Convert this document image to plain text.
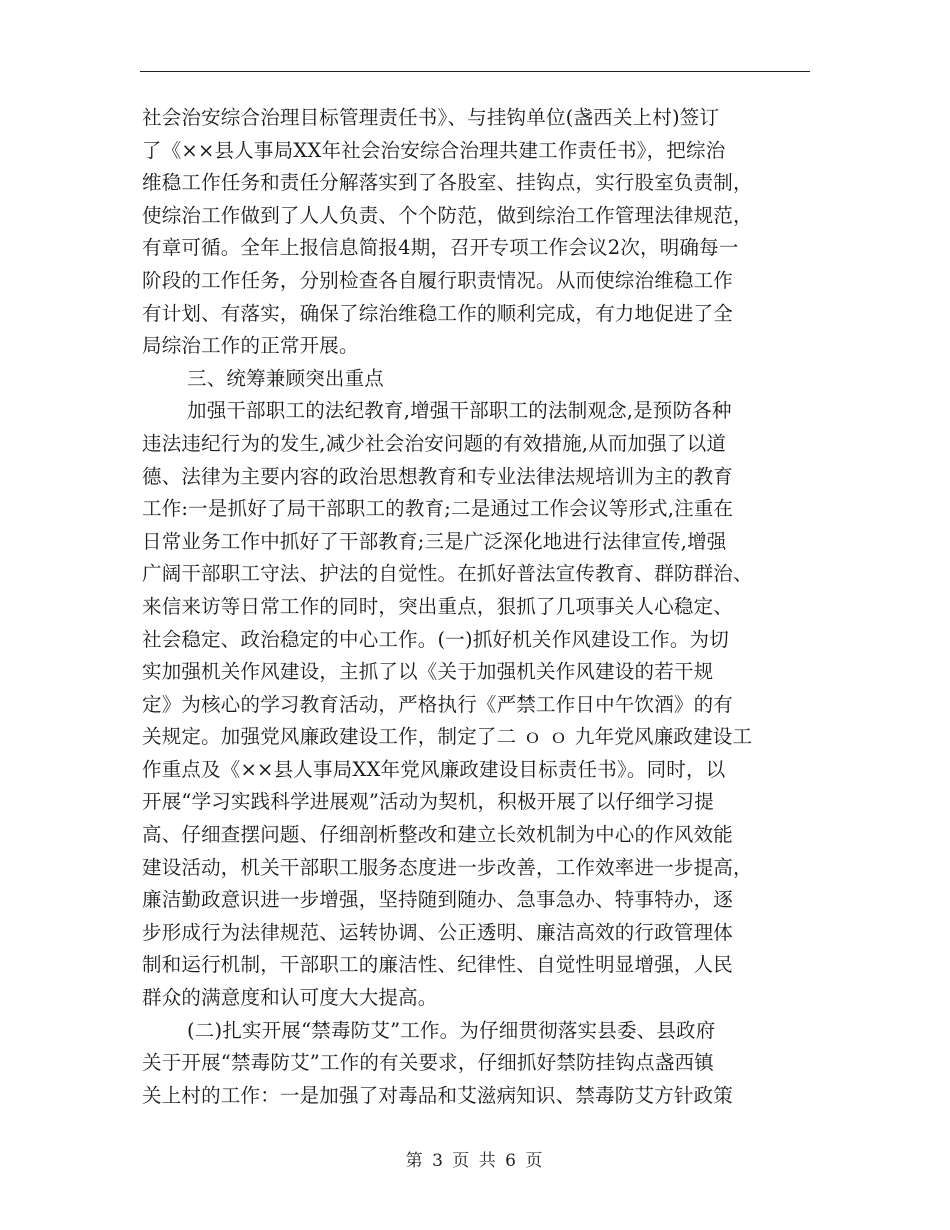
社会治安综合治理目标管理责任书》、与挂钩单位(盏西关上村)签订
了《××县人事局XX年社会治安综合治理共建工作责任书》，把综治
维稳工作任务和责任分解落实到了各股室、挂钩点，实行股室负责制，
使综治工作做到了人人负责、个个防范，做到综治工作管理法律规范，
有章可循。全年上报信息简报4期，召开专项工作会议2次，明确每一
阶段的工作任务，分别检查各自履行职责情况。从而使综治维稳工作
有计划、有落实，确保了综治维稳工作的顺利完成，有力地促进了全
局综治工作的正常开展。
三、统筹兼顾突出重点
加强干部职工的法纪教育,增强干部职工的法制观念,是预防各种
违法违纪行为的发生,减少社会治安问题的有效措施,从而加强了以道
德、法律为主要内容的政治思想教育和专业法律法规培训为主的教育
工作:一是抓好了局干部职工的教育;二是通过工作会议等形式,注重在
日常业务工作中抓好了干部教育;三是广泛深化地进行法律宣传,增强
广阔干部职工守法、护法的自觉性。在抓好普法宣传教育、群防群治、
来信来访等日常工作的同时，突出重点，狠抓了几项事关人心稳定、
社会稳定、政治稳定的中心工作。(一)抓好机关作风建设工作。为切
实加强机关作风建设，主抓了以《关于加强机关作风建设的若干规
定》为核心的学习教育活动，严格执行《严禁工作日中午饮酒》的有
关规定。加强党风廉政建设工作，制定了二 ｏ ｏ 九年党风廉政建设工
作重点及《××县人事局XX年党风廉政建设目标责任书》。同时，以
开展“学习实践科学进展观”活动为契机，积极开展了以仔细学习提
高、仔细查摆问题、仔细剖析整改和建立长效机制为中心的作风效能
建设活动，机关干部职工服务态度进一步改善，工作效率进一步提高，
廉洁勤政意识进一步增强，坚持随到随办、急事急办、特事特办，逐
步形成行为法律规范、运转协调、公正透明、廉洁高效的行政管理体
制和运行机制，干部职工的廉洁性、纪律性、自觉性明显增强，人民
群众的满意度和认可度大大提高。
(二)扎实开展“禁毒防艾”工作。为仔细贯彻落实县委、县政府
关于开展“禁毒防艾”工作的有关要求，仔细抓好禁防挂钩点盏西镇
关上村的工作：一是加强了对毒品和艾滋病知识、禁毒防艾方针政策
第 3 页 共 6 页
